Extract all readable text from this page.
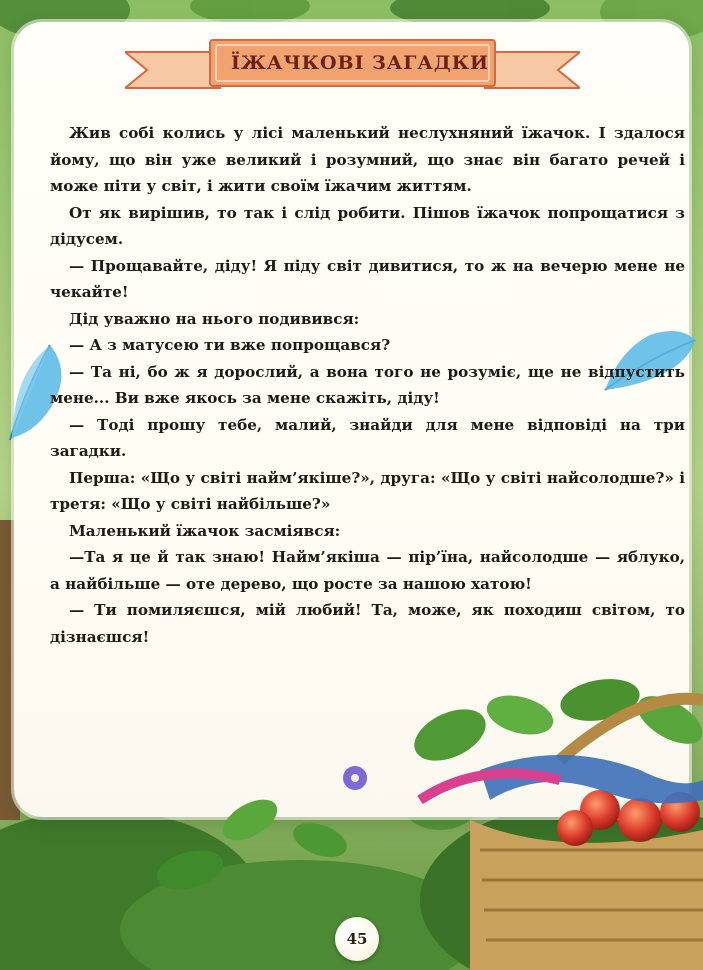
ЇЖАЧКОВІ ЗАГАДКИ

Жив собі колись у лісі маленький неслухняний їжачок. І здалося йому, що він уже великий і розумний, що знає він багато речей і може піти у світ, і жити своїм їжачим життям.

От як вирішив, то так і слід робити. Пішов їжачок попрощатися з дідусем.

— Прощавайте, діду! Я піду світ дивитися, то ж на вечерю мене не чекайте!

Дід уважно на нього подивився:

— А з матусею ти вже попрощався?

— Та ні, бо ж я дорослий, а вона того не розуміє, ще не відпустить мене... Ви вже якось за мене скажіть, діду!

— Тоді прошу тебе, малий, знайди для мене відповіді на три загадки.

Перша: «Що у світі найм’якіше?», друга: «Що у світі найсолодше?» і третя: «Що у світі найбільше?»

Маленький їжачок засміявся:

—Та я це й так знаю! Найм’якіша — пір’їна, найсолодше — яблуко, а найбільше — оте дерево, що росте за нашою хатою!

— Ти помиляєшся, мій любий! Та, може, як походиш світом, то дізнаєшся!

45
